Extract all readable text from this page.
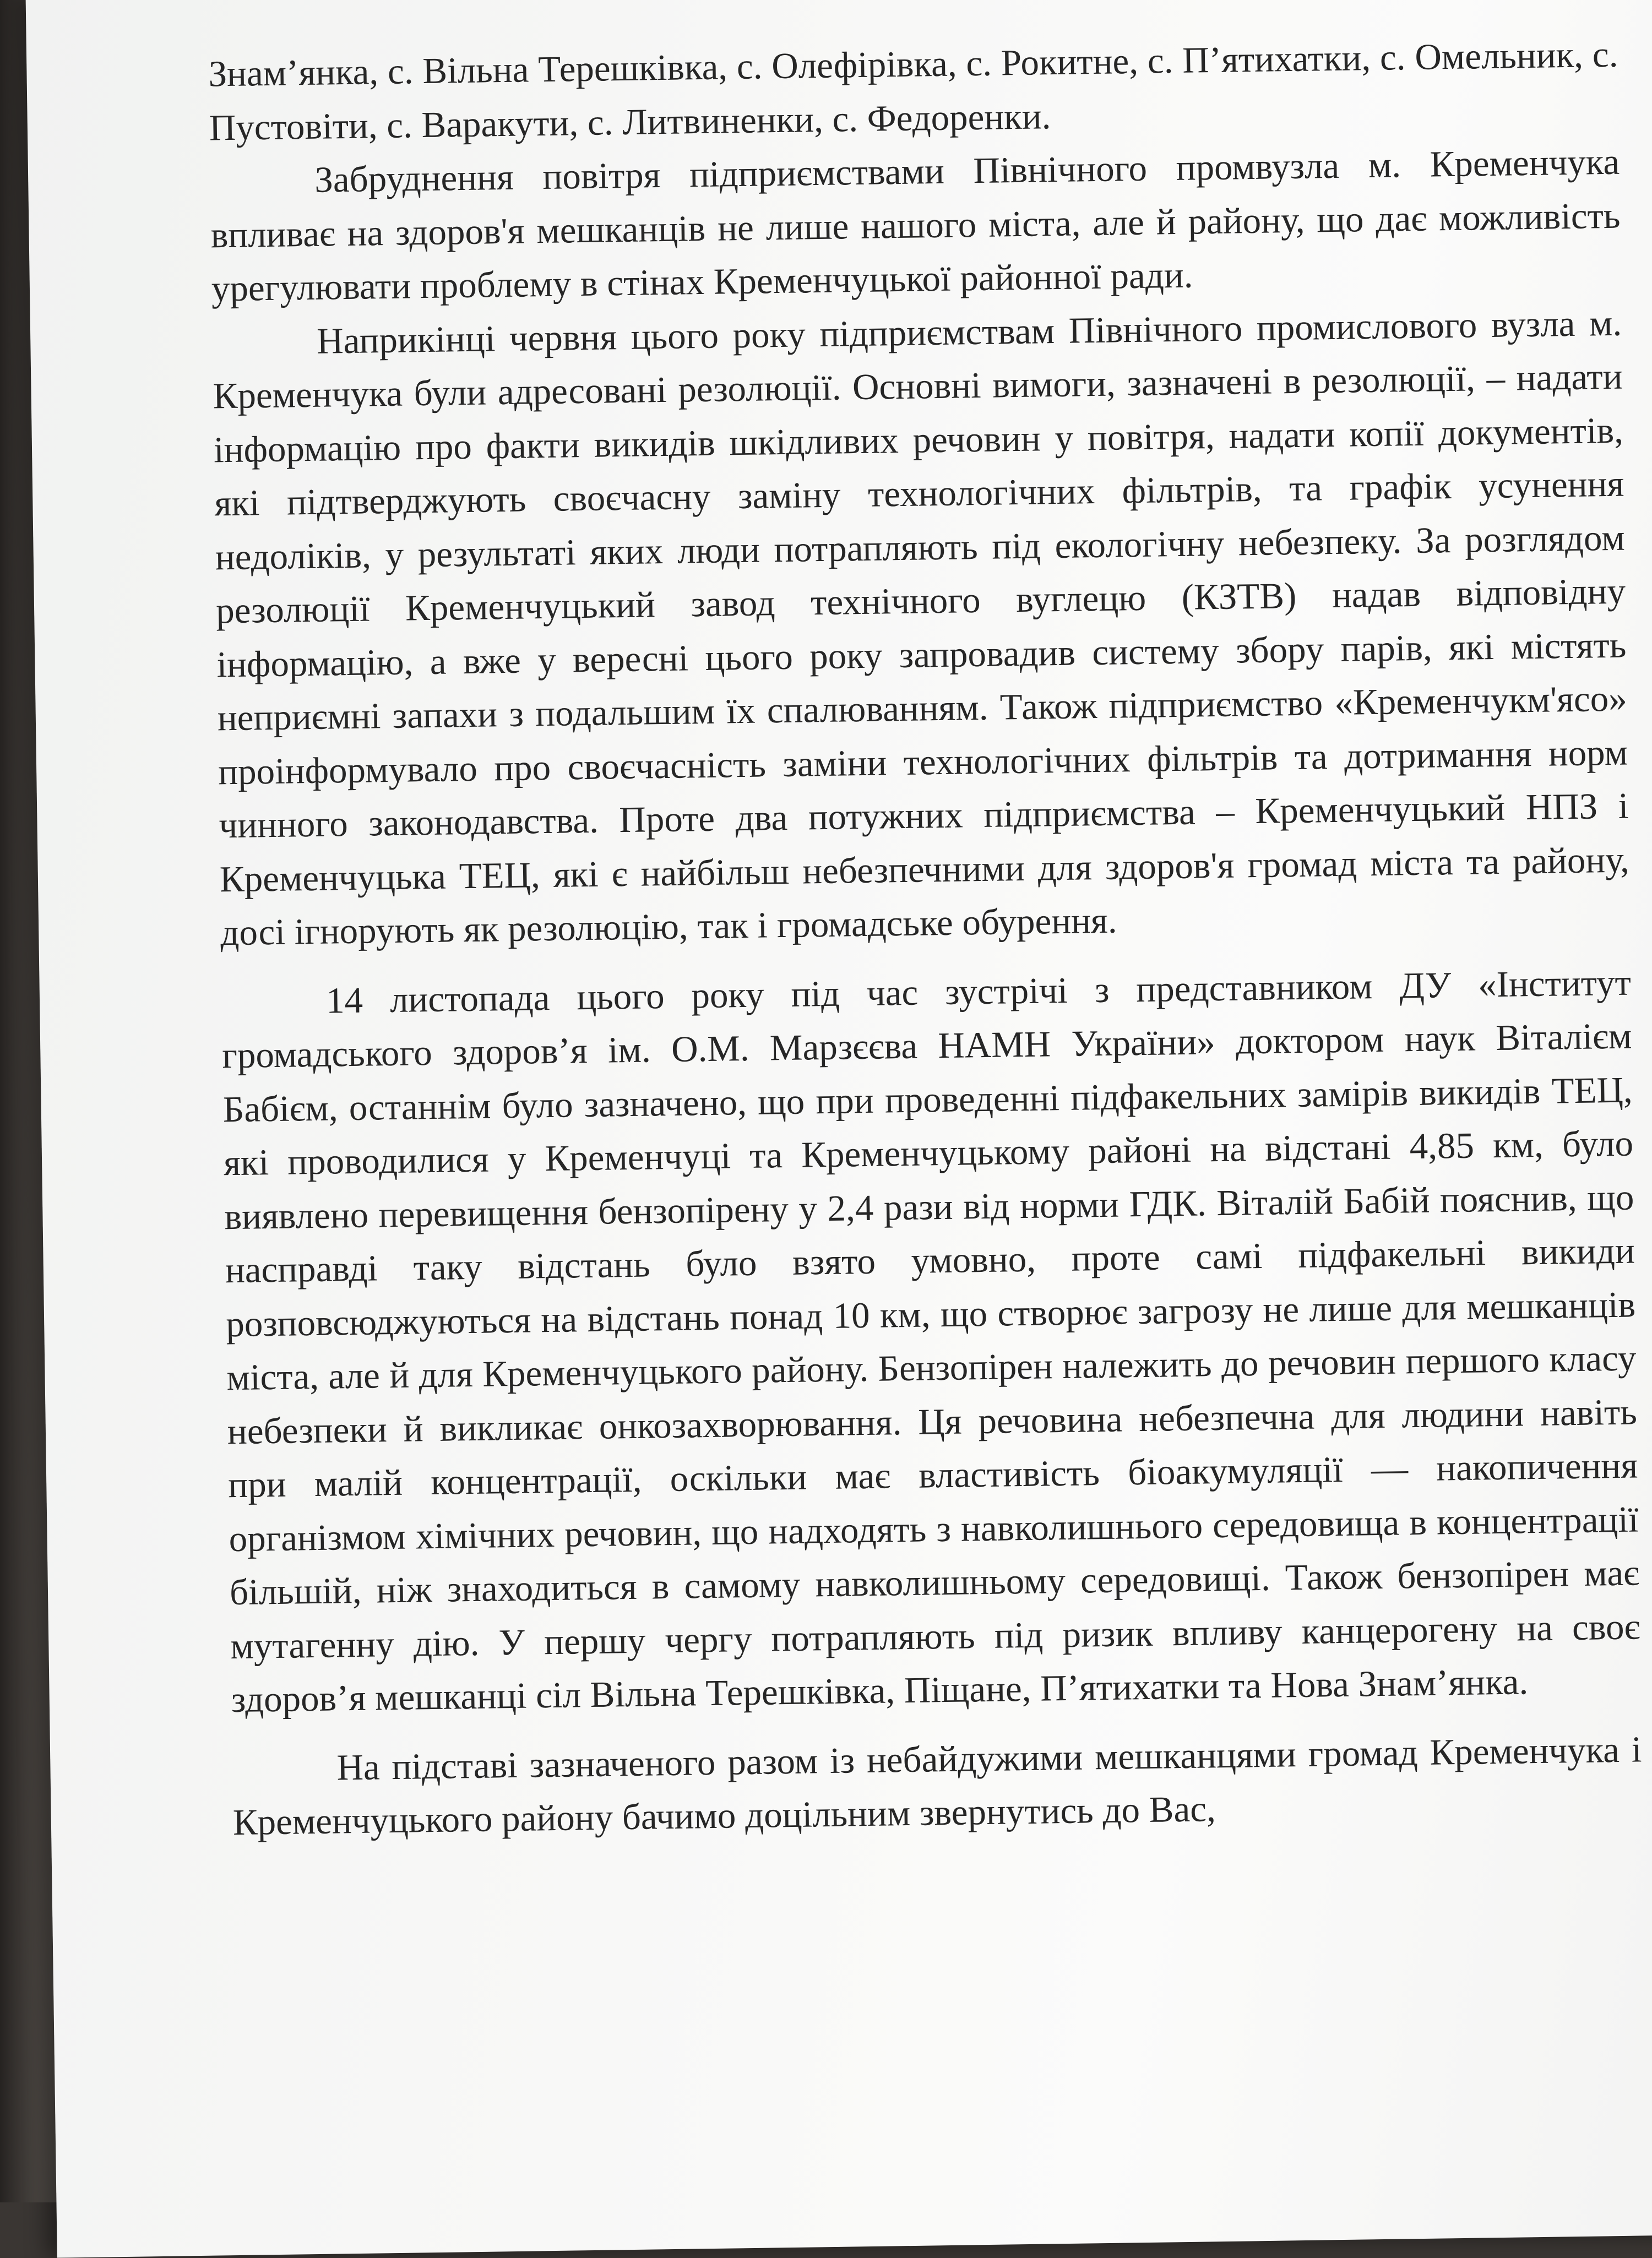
Знам’янка, с. Вільна Терешківка, с. Олефірівка, с. Рокитне, с. П’ятихатки, с. Омельник, с. Пустовіти, с. Варакути, с. Литвиненки, с. Федоренки.

Забруднення повітря підприємствами Північного промвузла м. Кременчука впливає на здоров'я мешканців не лише нашого міста, але й району, що дає можливість урегулювати проблему в стінах Кременчуцької районної ради.

Наприкінці червня цього року підприємствам Північного промислового вузла м. Кременчука були адресовані резолюції. Основні вимоги, зазначені в резолюції, – надати інформацію про факти викидів шкідливих речовин у повітря, надати копії документів, які підтверджують своєчасну заміну технологічних фільтрів, та графік усунення недоліків, у результаті яких люди потрапляють під екологічну небезпеку. За розглядом резолюції Кременчуцький завод технічного вуглецю (КЗТВ) надав відповідну інформацію, а вже у вересні цього року запровадив систему збору парів, які містять неприємні запахи з подальшим їх спалюванням. Також підприємство «Кременчукм'ясо» проінформувало про своєчасність заміни технологічних фільтрів та дотримання норм чинного законодавства. Проте два потужних підприємства – Кременчуцький НПЗ і Кременчуцька ТЕЦ, які є найбільш небезпечними для здоров'я громад міста та району, досі ігнорують як резолюцію, так і громадське обурення.

14 листопада цього року під час зустрічі з представником ДУ «Інститут громадського здоров’я ім. О.М. Марзєєва НАМН України» доктором наук Віталієм Бабієм, останнім було зазначено, що при проведенні підфакельних замірів викидів ТЕЦ, які проводилися у Кременчуці та Кременчуцькому районі на відстані 4,85 км, було виявлено перевищення бензопірену у 2,4 рази від норми ГДК. Віталій Бабій пояснив, що насправді таку відстань було взято умовно, проте самі підфакельні викиди розповсюджуються на відстань понад 10 км, що створює загрозу не лише для мешканців міста, але й для Кременчуцького району. Бензопірен належить до речовин першого класу небезпеки й викликає онкозахворювання. Ця речовина небезпечна для людини навіть при малій концентрації, оскільки має властивість біоакумуляції — накопичення організмом хімічних речовин, що надходять з навколишнього середовища в концентрації більшій, ніж знаходиться в самому навколишньому середовищі. Також бензопірен має мутагенну дію. У першу чергу потрапляють під ризик впливу канцерогену на своє здоров’я мешканці сіл Вільна Терешківка, Піщане, П’ятихатки та Нова Знам’янка.

На підставі зазначеного разом із небайдужими мешканцями громад Кременчука і Кременчуцького району бачимо доцільним звернутись до Вас,
